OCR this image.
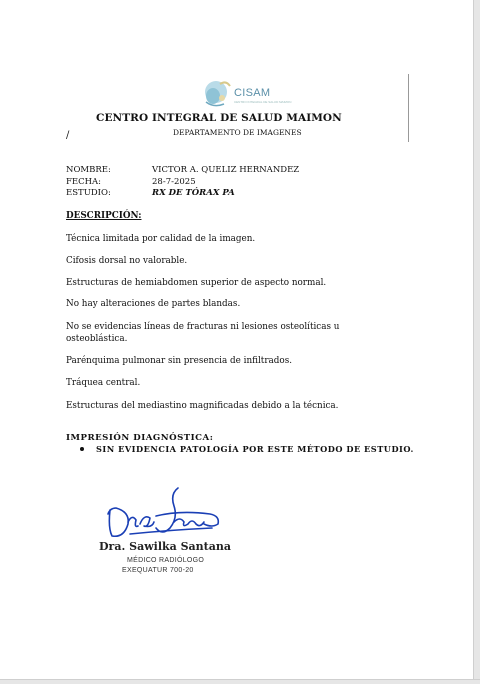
CISAM
CENTRO INTEGRAL DE SALUD MAIMON
CENTRO INTEGRAL DE SALUD MAIMON
/	DEPARTAMENTO DE IMAGENES
NOMBRE:	VICTOR A. QUELIZ HERNANDEZ
FECHA:	28-7-2025
ESTUDIO:	RX DE TÓRAX PA
DESCRIPCIÓN:
Técnica limitada por calidad de la imagen.
Cifosis dorsal no valorable.
Estructuras de hemiabdomen superior de aspecto normal.
No hay alteraciones de partes blandas.
No se evidencias líneas de fracturas ni lesiones osteolíticas u osteoblástica.
Parénquima pulmonar sin presencia de infiltrados.
Tráquea central.
Estructuras del mediastino magnificadas debido a la técnica.
IMPRESIÓN DIAGNÓSTICA:
SIN EVIDENCIA PATOLOGÍA POR ESTE MÉTODO DE ESTUDIO.
Dra. Sawilka Santana
MÉDICO RADIÓLOGO
EXEQUATUR 700-20
